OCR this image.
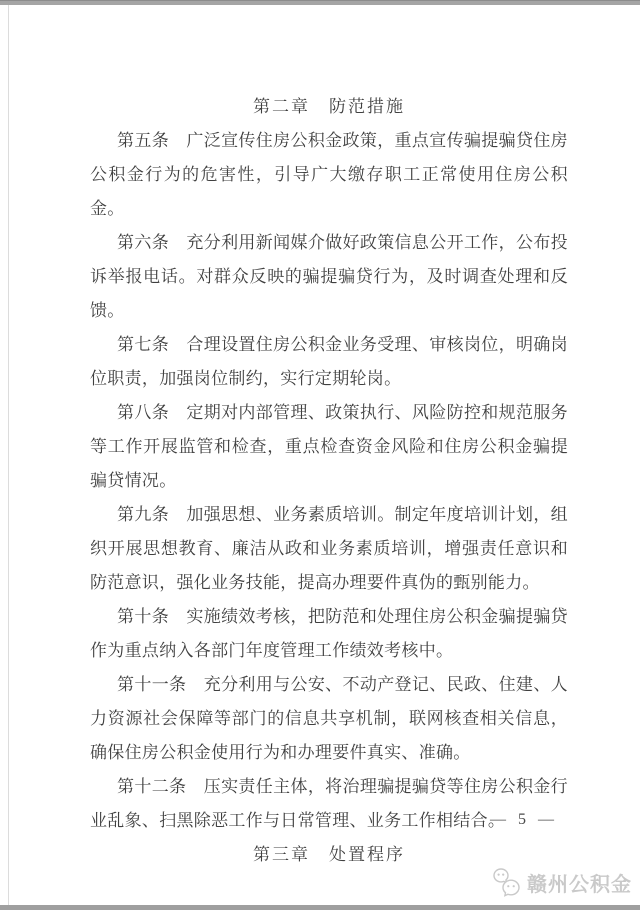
第二章　防范措施

第五条　广泛宣传住房公积金政策，重点宣传骗提骗贷住房公积金行为的危害性，引导广大缴存职工正常使用住房公积金。

第六条　充分利用新闻媒介做好政策信息公开工作，公布投诉举报电话。对群众反映的骗提骗贷行为，及时调查处理和反馈。

第七条　合理设置住房公积金业务受理、审核岗位，明确岗位职责，加强岗位制约，实行定期轮岗。

第八条　定期对内部管理、政策执行、风险防控和规范服务等工作开展监管和检查，重点检查资金风险和住房公积金骗提骗贷情况。

第九条　加强思想、业务素质培训。制定年度培训计划，组织开展思想教育、廉洁从政和业务素质培训，增强责任意识和防范意识，强化业务技能，提高办理要件真伪的甄别能力。

第十条　实施绩效考核，把防范和处理住房公积金骗提骗贷作为重点纳入各部门年度管理工作绩效考核中。

第十一条　充分利用与公安、不动产登记、民政、住建、人力资源社会保障等部门的信息共享机制，联网核查相关信息，确保住房公积金使用行为和办理要件真实、准确。

第十二条　压实责任主体，将治理骗提骗贷等住房公积金行业乱象、扫黑除恶工作与日常管理、业务工作相结合。

第三章　处置程序
— 5 —
赣州公积金
